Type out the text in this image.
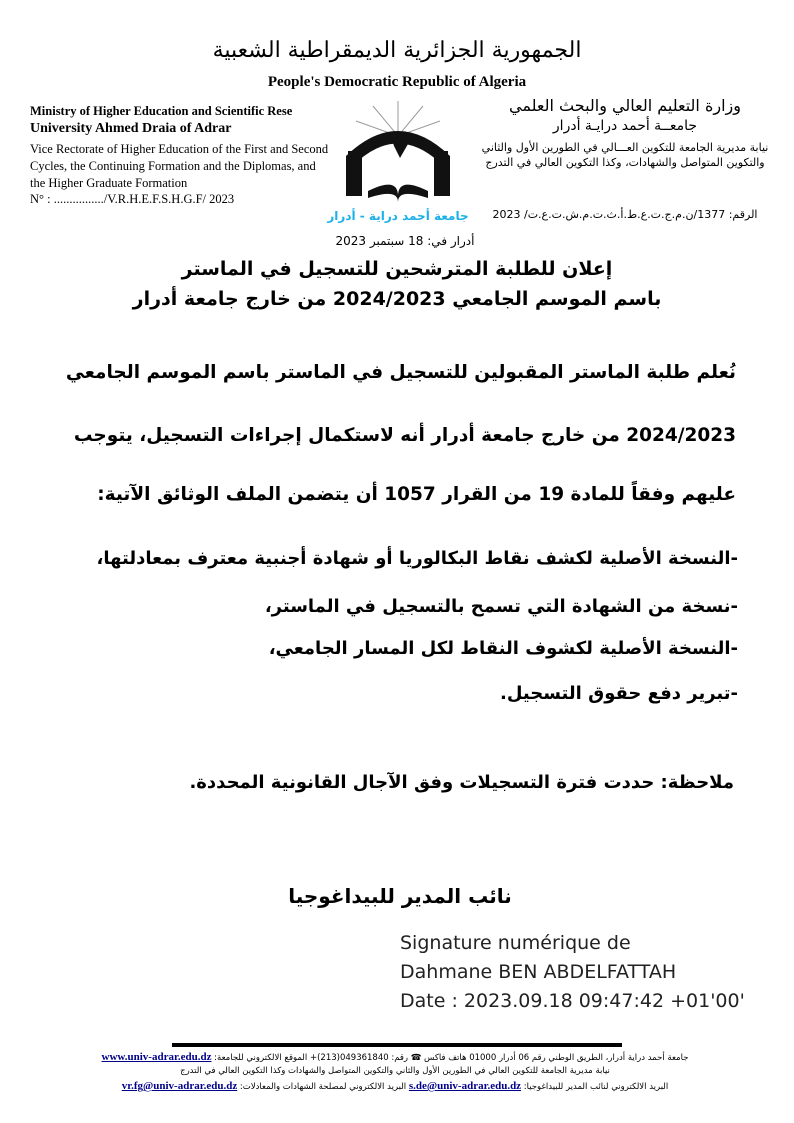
الجمهورية الجزائرية الديمقراطية الشعبية
People's Democratic Republic of Algeria
Ministry of Higher Education and Scientific Rese
University Ahmed Draia of Adrar
Vice Rectorate of Higher Education of the First and Second Cycles, the Continuing Formation and the Diplomas, and the Higher Graduate Formation
N° : ................/V.R.H.E.F.S.H.G.F/ 2023
وزارة التعليم العالي والبحث العلمي
جامعــة أحمد درايـة أدرار
نيابة مديرية الجامعة للتكوين العـــالي في الطورين الأول والثاني والتكوين المتواصل والشهادات، وكذا التكوين العالي في التدرج
الرقم: 1377/ن.م.ج.ت.ع.ط.أ.ث.ت.م.ش.ت.ع.ت/ 2023
جامعة أحمد دراية - أدرار
أدرار في: 18 سبتمبر 2023
إعلان للطلبة المترشحين للتسجيل في الماستر
باسم الموسم الجامعي 2024/2023 من خارج جامعة أدرار
نُعلم طلبة الماستر المقبولين للتسجيل في الماستر باسم الموسم الجامعي
2024/2023 من خارج جامعة أدرار أنه لاستكمال إجراءات التسجيل، يتوجب
عليهم وفقاً للمادة 19 من القرار 1057 أن يتضمن الملف الوثائق الآتية:
-النسخة الأصلية لكشف نقاط البكالوريا أو شهادة أجنبية معترف بمعادلتها،
-نسخة من الشهادة التي تسمح بالتسجيل في الماستر،
-النسخة الأصلية لكشوف النقاط لكل المسار الجامعي،
-تبرير دفع حقوق التسجيل.
ملاحظة: حددت فترة التسجيلات وفق الآجال القانونية المحددة.
نائب المدير للبيداغوجيا
Signature numérique de
Dahmane BEN ABDELFATTAH
Date : 2023.09.18 09:47:42 +01'00'
جامعة أحمد دراية أدرار، الطريق الوطني رقم 06 أدرار 01000 هاتف فاكس ☎ رقم: 049361840(213)+ الموقع الالكتروني للجامعة: www.univ-adrar.edu.dz
نيابة مديرية الجامعة للتكوين العالي في الطورين الأول والثاني والتكوين المتواصل والشهادات وكذا التكوين العالي في التدرج
البريد الالكتروني لنائب المدير للبيداغوجيا: s.de@univ-adrar.edu.dz البريد الالكتروني لمصلحة الشهادات والمعادلات: vr.fg@univ-adrar.edu.dz
